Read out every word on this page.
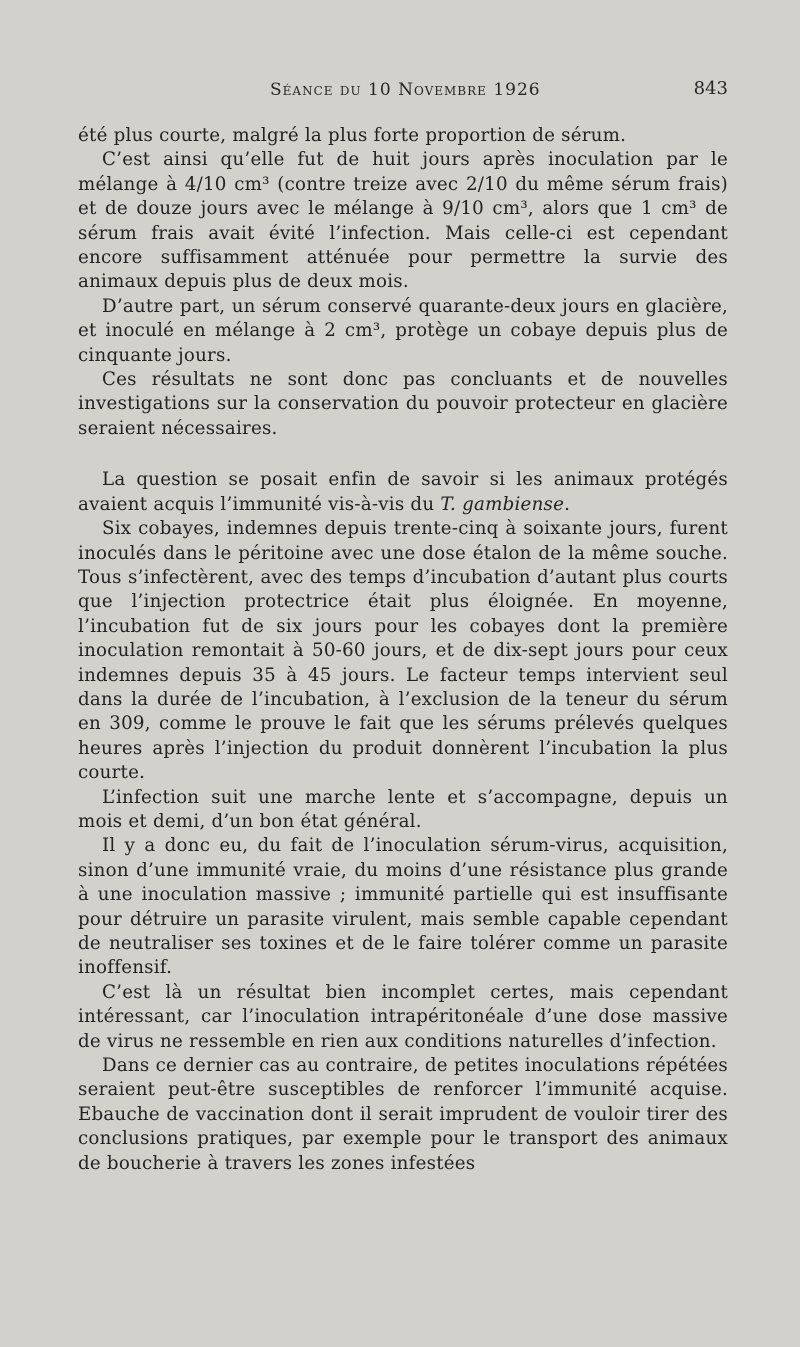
Séance du 10 Novembre 1926	843

été plus courte, malgré la plus forte proportion de sérum.

C’est ainsi qu’elle fut de huit jours après inoculation par le mélange à 4/10 cm³ (contre treize avec 2/10 du même sérum frais) et de douze jours avec le mélange à 9/10 cm³, alors que 1 cm³ de sérum frais avait évité l’infection. Mais celle-ci est cependant encore suffisamment atténuée pour permettre la survie des animaux depuis plus de deux mois.

D’autre part, un sérum conservé quarante-deux jours en glacière, et inoculé en mélange à 2 cm³, protège un cobaye depuis plus de cinquante jours.

Ces résultats ne sont donc pas concluants et de nouvelles investigations sur la conservation du pouvoir protecteur en glacière seraient nécessaires.

La question se posait enfin de savoir si les animaux protégés avaient acquis l’immunité vis-à-vis du T. gambiense.

Six cobayes, indemnes depuis trente-cinq à soixante jours, furent inoculés dans le péritoine avec une dose étalon de la même souche. Tous s’infectèrent, avec des temps d’incubation d’autant plus courts que l’injection protectrice était plus éloignée. En moyenne, l’incubation fut de six jours pour les cobayes dont la première inoculation remontait à 50-60 jours, et de dix-sept jours pour ceux indemnes depuis 35 à 45 jours. Le facteur temps intervient seul dans la durée de l’incubation, à l’exclusion de la teneur du sérum en 309, comme le prouve le fait que les sérums prélevés quelques heures après l’injection du produit donnèrent l’incubation la plus courte.

L’infection suit une marche lente et s’accompagne, depuis un mois et demi, d’un bon état général.

Il y a donc eu, du fait de l’inoculation sérum-virus, acquisition, sinon d’une immunité vraie, du moins d’une résistance plus grande à une inoculation massive ; immunité partielle qui est insuffisante pour détruire un parasite virulent, mais semble capable cependant de neutraliser ses toxines et de le faire tolérer comme un parasite inoffensif.

C’est là un résultat bien incomplet certes, mais cependant intéressant, car l’inoculation intrapéritonéale d’une dose massive de virus ne ressemble en rien aux conditions naturelles d’infection.

Dans ce dernier cas au contraire, de petites inoculations répétées seraient peut-être susceptibles de renforcer l’immunité acquise. Ebauche de vaccination dont il serait imprudent de vouloir tirer des conclusions pratiques, par exemple pour le transport des animaux de boucherie à travers les zones infestées
